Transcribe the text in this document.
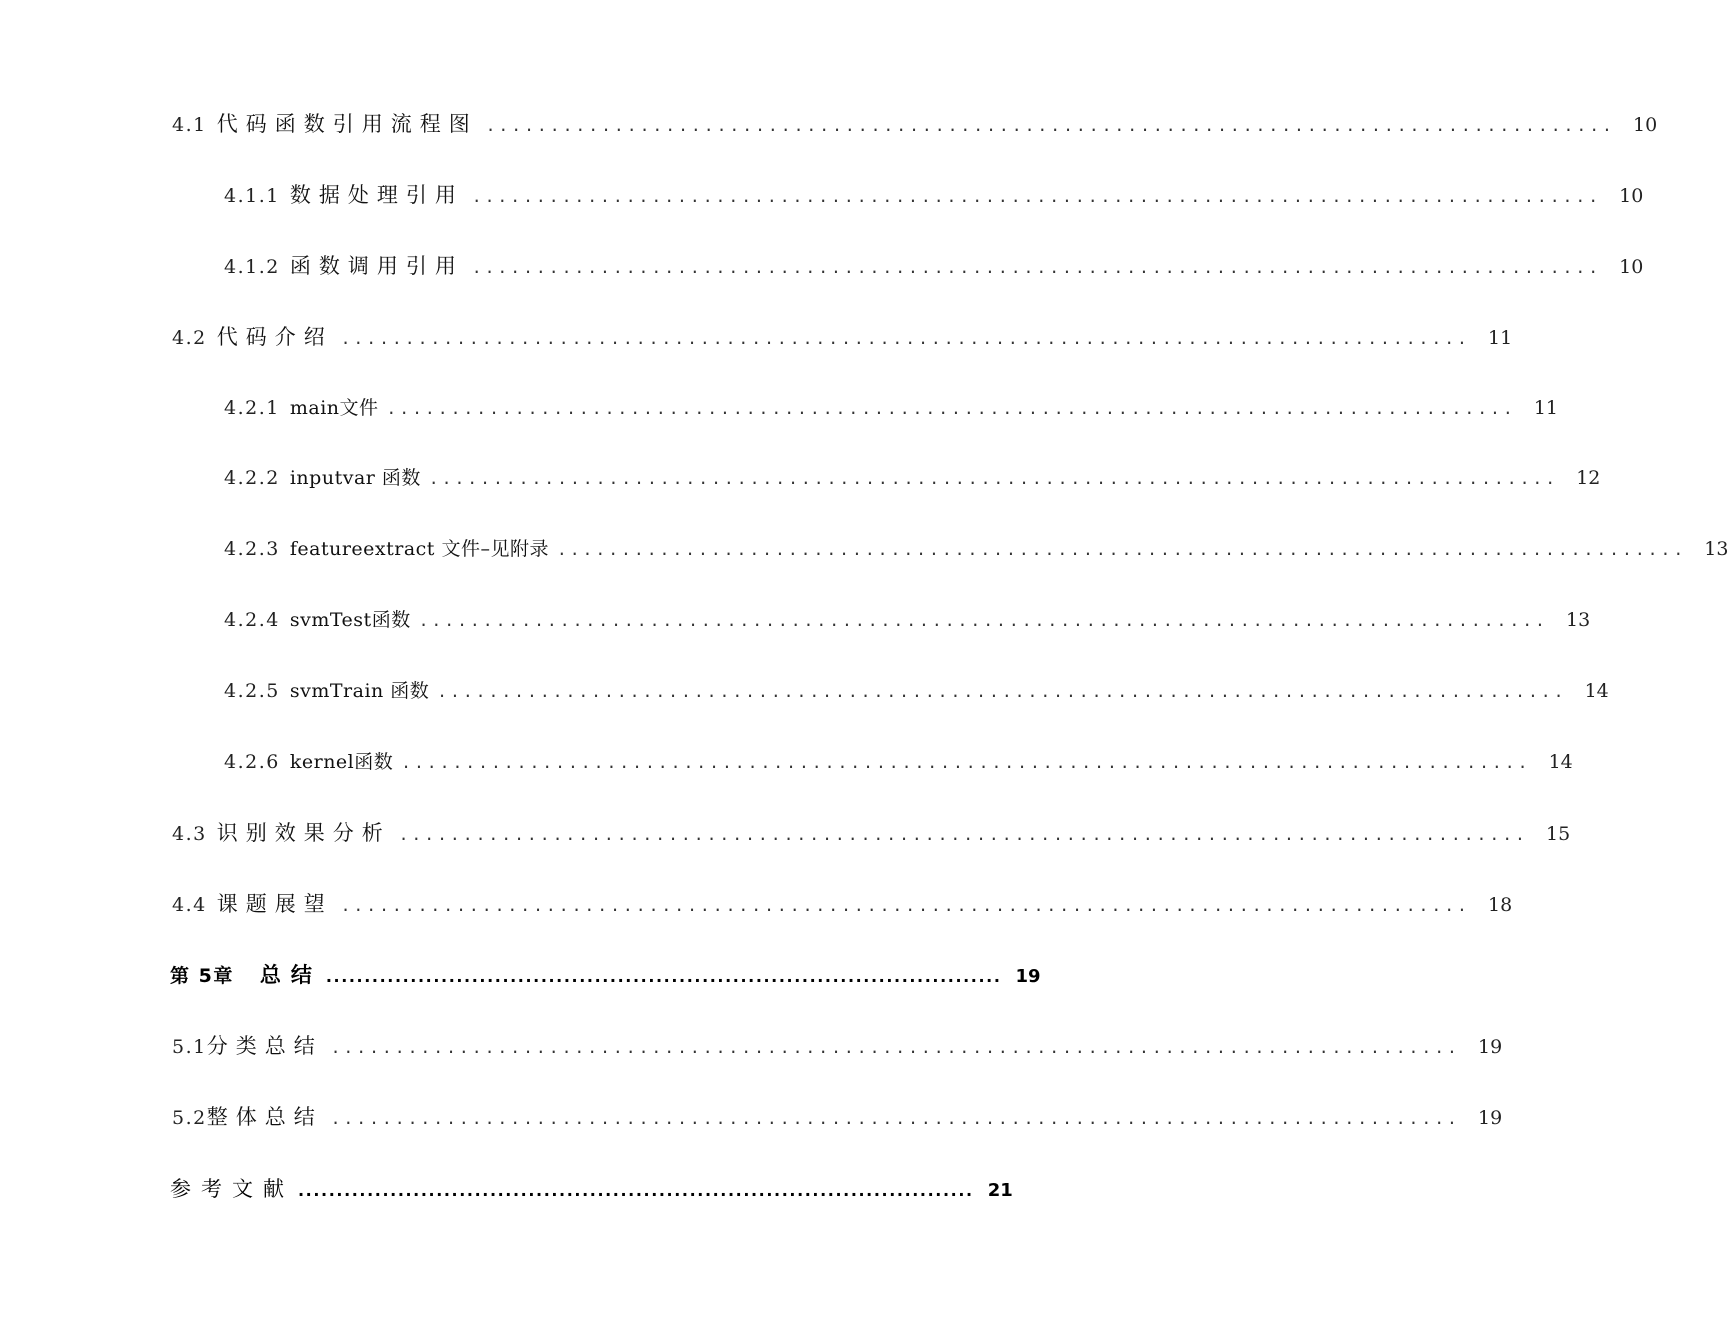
4.1 代码函数引用流程图 ........................................................................................ 10
4.1.1 数据处理引用 ........................................................................................ 10
4.1.2 函数调用引用 ........................................................................................ 10
4.2 代码介绍 ........................................................................................ 11
4.2.1 main文件 ........................................................................................ 11
4.2.2 inputvar 函数 ........................................................................................ 12
4.2.3 featureextract 文件–见附录 ........................................................................................ 13
4.2.4 svmTest函数 ........................................................................................ 13
4.2.5 svmTrain 函数 ........................................................................................ 14
4.2.6 kernel函数 ........................................................................................ 14
4.3 识别效果分析 ........................................................................................ 15
4.4 课题展望 ........................................................................................ 18
第 5章 总结 ........................................................................................ 19
5.1 分类总结 ........................................................................................ 19
5.2 整体总结 ........................................................................................ 19
参考文献 ........................................................................................ 21
